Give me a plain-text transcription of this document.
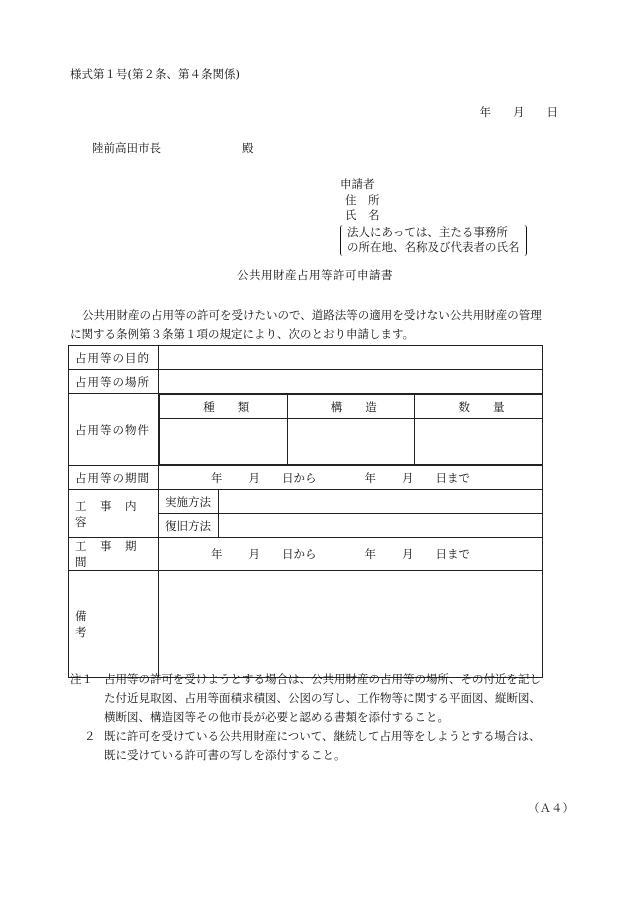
様式第１号(第２条、第４条関係)
年 月 日
陸前高田市長	殿
申請者
住　所
氏　名
法人にあっては、主たる事務所
の所在地、名称及び代表者の氏名
公共用財産占用等許可申請書

公共用財産の占用等の許可を受けたいので、道路法等の適用を受けない公共用財産の管理に関する条例第３条第１項の規定により、次のとおり申請します。

占用等の目的	
占用等の場所	
占用等の物件	
種　　類	構　　造	数　　量

占用等の期間	年 月 日から	年 月 日まで
工　事　内　容	実施方法	
復旧方法	
工　事　期　間	年 月 日から	年 月 日まで
備　　　　　考	
注１ 占用等の許可を受けようとする場合は、公共用財産の占用等の場所、その付近を記した付近見取図、占用等面積求積図、公図の写し、工作物等に関する平面図、縦断図、横断図、構造図等その他市長が必要と認める書類を添付すること。
２ 既に許可を受けている公共用財産について、継続して占用等をしようとする場合は、既に受けている許可書の写しを添付すること。
（Ａ４）
